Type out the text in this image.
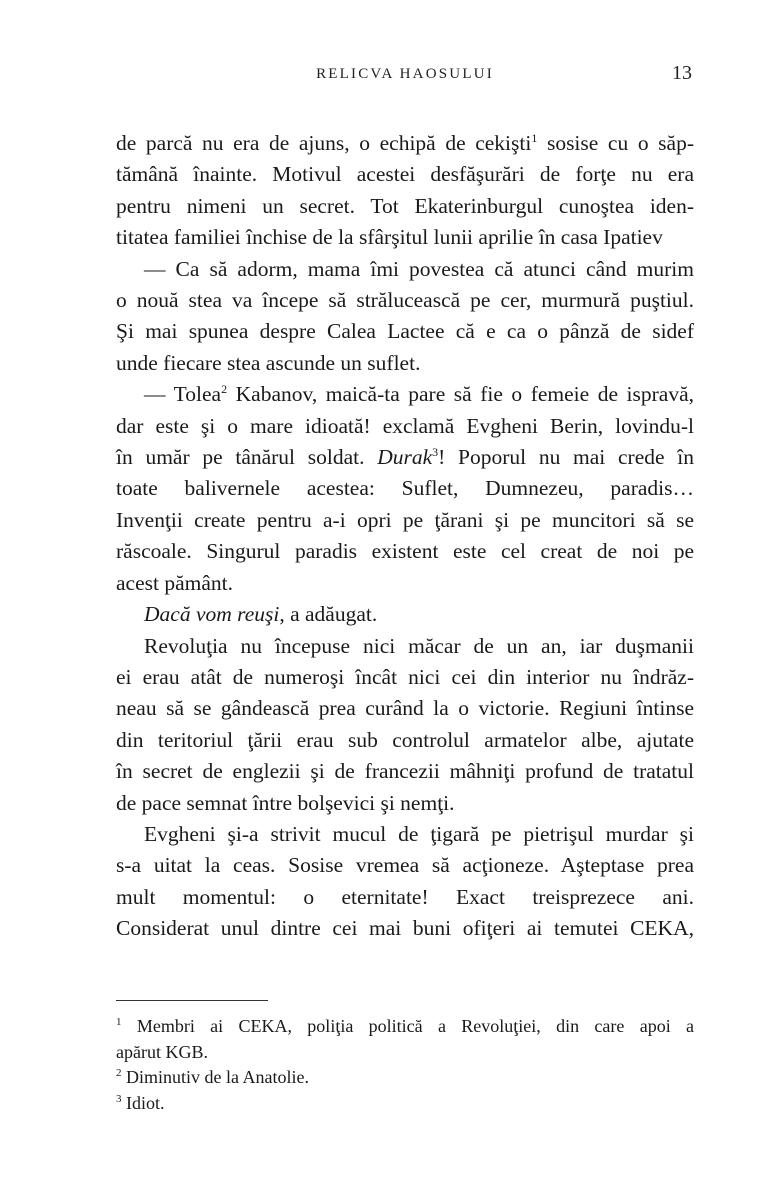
RELICVA HAOSULUI	13
de parcă nu era de ajuns, o echipă de cekişti$^1$ sosise cu o săp-
tămână înainte. Motivul acestei desfăşurări de forţe nu era
pentru nimeni un secret. Tot Ekaterinburgul cunoştea iden-
titatea familiei închise de la sfârşitul lunii aprilie în casa Ipatiev
— Ca să adorm, mama îmi povestea că atunci când murim
o nouă stea va începe să strălucească pe cer, murmură puştiul.
Şi mai spunea despre Calea Lactee că e ca o pânză de sidef
unde fiecare stea ascunde un suflet.
— Tolea$^2$ Kabanov, maică-ta pare să fie o femeie de ispravă,
dar este şi o mare idioată! exclamă Evgheni Berin, lovindu-l
în umăr pe tânărul soldat. Durak$^3$! Poporul nu mai crede în
toate balivernele acestea: Suflet, Dumnezeu, paradis…
Invenţii create pentru a-i opri pe ţărani şi pe muncitori să se
răscoale. Singurul paradis existent este cel creat de noi pe
acest pământ.
Dacă vom reuşi, a adăugat.
Revoluţia nu începuse nici măcar de un an, iar duşmanii
ei erau atât de numeroşi încât nici cei din interior nu îndrăz-
neau să se gândească prea curând la o victorie. Regiuni întinse
din teritoriul ţării erau sub controlul armatelor albe, ajutate
în secret de englezii şi de francezii mâhniţi profund de tratatul
de pace semnat între bolşevici şi nemţi.
Evgheni şi-a strivit mucul de ţigară pe pietrişul murdar şi
s-a uitat la ceas. Sosise vremea să acţioneze. Aşteptase prea
mult momentul: o eternitate! Exact treisprezece ani.
Considerat unul dintre cei mai buni ofiţeri ai temutei CEKA,
$^1$ Membri ai CEKA, poliţia politică a Revoluţiei, din care apoi a
apărut KGB.
$^2$ Diminutiv de la Anatolie.
$^3$ Idiot.
